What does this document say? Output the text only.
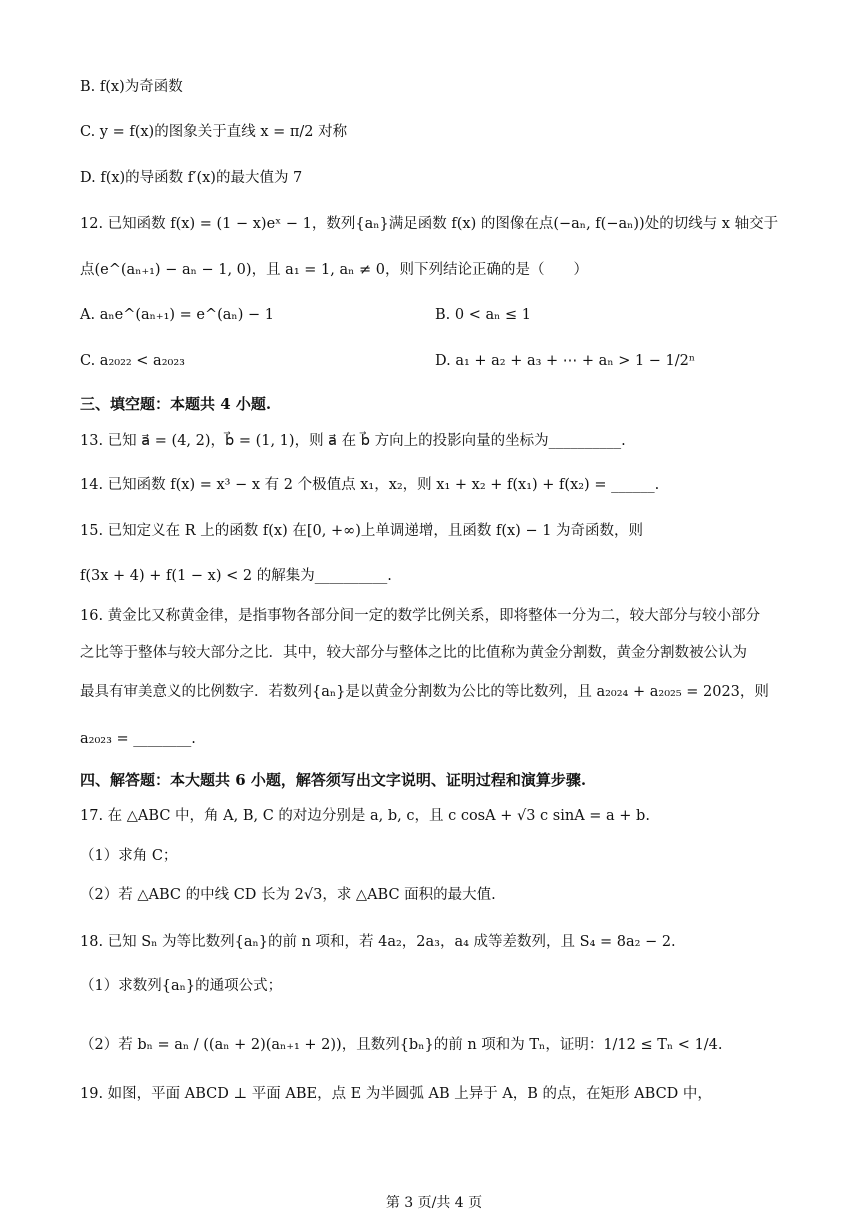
B. f(x)为奇函数
C. y = f(x)的图象关于直线 x = π/2 对称
D. f(x)的导函数 f′(x)的最大值为 7
12. 已知函数 f(x) = (1 − x)eˣ − 1，数列{aₙ}满足函数 f(x) 的图像在点(−aₙ, f(−aₙ))处的切线与 x 轴交于
点(e^(aₙ₊₁) − aₙ − 1, 0)，且 a₁ = 1, aₙ ≠ 0，则下列结论正确的是（　　）
A. aₙe^(aₙ₊₁) = e^(aₙ) − 1	B. 0 < aₙ ≤ 1
C. a₂₀₂₂ < a₂₀₂₃	D. a₁ + a₂ + a₃ + ⋯ + aₙ > 1 − 1/2ⁿ
三、填空题：本题共 4 小题.
13. 已知 a⃗ = (4, 2)，b⃗ = (1, 1)，则 a⃗ 在 b⃗ 方向上的投影向量的坐标为__________.
14. 已知函数 f(x) = x³ − x 有 2 个极值点 x₁，x₂，则 x₁ + x₂ + f(x₁) + f(x₂) = ______.
15. 已知定义在 R 上的函数 f(x) 在[0, +∞)上单调递增，且函数 f(x) − 1 为奇函数，则
f(3x + 4) + f(1 − x) < 2 的解集为__________.
16. 黄金比又称黄金律，是指事物各部分间一定的数学比例关系，即将整体一分为二，较大部分与较小部分
之比等于整体与较大部分之比．其中，较大部分与整体之比的比值称为黄金分割数，黄金分割数被公认为
最具有审美意义的比例数字．若数列{aₙ}是以黄金分割数为公比的等比数列，且 a₂₀₂₄ + a₂₀₂₅ = 2023，则
a₂₀₂₃ = ________.
四、解答题：本大题共 6 小题，解答须写出文字说明、证明过程和演算步骤.
17. 在 △ABC 中，角 A, B, C 的对边分别是 a, b, c，且 c cosA + √3 c sinA = a + b.
（1）求角 C；
（2）若 △ABC 的中线 CD 长为 2√3，求 △ABC 面积的最大值.
18. 已知 Sₙ 为等比数列{aₙ}的前 n 项和，若 4a₂，2a₃，a₄ 成等差数列，且 S₄ = 8a₂ − 2.
（1）求数列{aₙ}的通项公式；
（2）若 bₙ = aₙ / ((aₙ + 2)(aₙ₊₁ + 2))，且数列{bₙ}的前 n 项和为 Tₙ，证明：1/12 ≤ Tₙ < 1/4.
19. 如图，平面 ABCD ⊥ 平面 ABE，点 E 为半圆弧 AB 上异于 A，B 的点，在矩形 ABCD 中，
第 3 页/共 4 页
